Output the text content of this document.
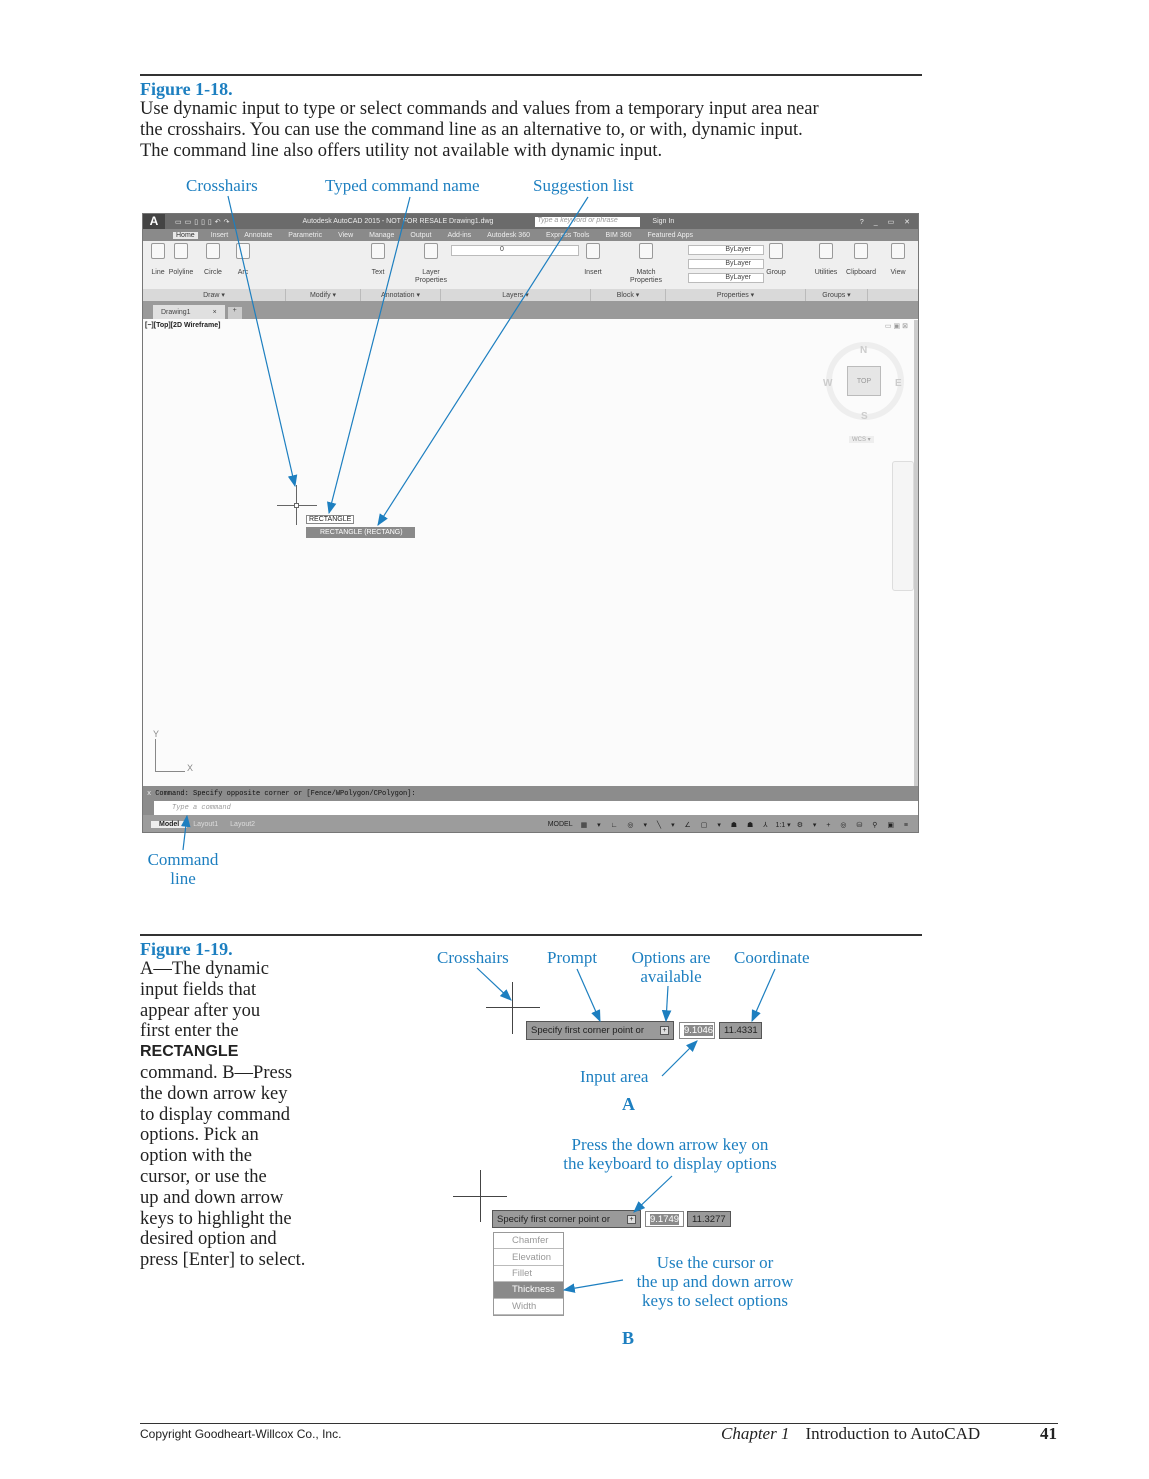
Figure 1-18.
Use dynamic input to type or select commands and values from a temporary input area near
the crosshairs. You can use the command line as an alternative to, or with, dynamic input.
The command line also offers utility not available with dynamic input.
Crosshairs	Typed command name	Suggestion list
A	▭▭▯▯▯↶↷	Autodesk AutoCAD 2015 - NOT FOR RESALE Drawing1.dwg	Type a keyword or phrase	Sign In	? _ ▭ ✕
Home	Insert	Annotate	Parametric	View	Manage	Output	Add-ins	Autodesk 360	Express Tools	BIM 360	Featured Apps
Line Polyline	Circle	Arc	Text	Layer Properties
Insert	Match Properties
Group	Utilities	Clipboard	View
0	ByLayer
ByLayer
ByLayer
Draw ▾	Modify ▾	Annotation ▾	Layers ▾	Block ▾	Properties ▾	Groups ▾
Drawing1	×	+
[−][Top][2D Wireframe]	▭▣⊠
TOP
N
S
E
W
WCS ▾
RECTANGLE
RECTANGLE (RECTANG)
Y
X
x Command: Specify opposite corner or [Fence/WPolygon/CPolygon]:
Type a command
Model	Layout1	Layout2	MODEL ▦ ▾ ∟ ◎ ▾ ╲ ▾ ∠ ▢ ▾ ☗ ☗ ⅄ 1:1 ▾ ⚙ ▾ + ◎ ⛁ ⚲ ▣ ≡
Command
line
Figure 1-19.
A—The dynamic
input fields that
appear after you
first enter the
RECTANGLE
command. B—Press
the down arrow key
to display command
options. Pick an
option with the
cursor, or use the
up and down arrow
keys to highlight the
desired option and
press [Enter] to select.
Crosshairs Prompt	Options are
available
Coordinate
Specify first corner point or	+ 9.1046	11.4331
Input area
A
Press the down arrow key on
the keyboard to display options
Specify first corner point or	+ 9.1749	11.3277
Chamfer
Elevation
Fillet
Thickness
Width
Use the cursor or
the up and down arrow
keys to select options
B
Copyright Goodheart-Willcox Co., Inc.	Chapter 1 Introduction to AutoCAD	41
